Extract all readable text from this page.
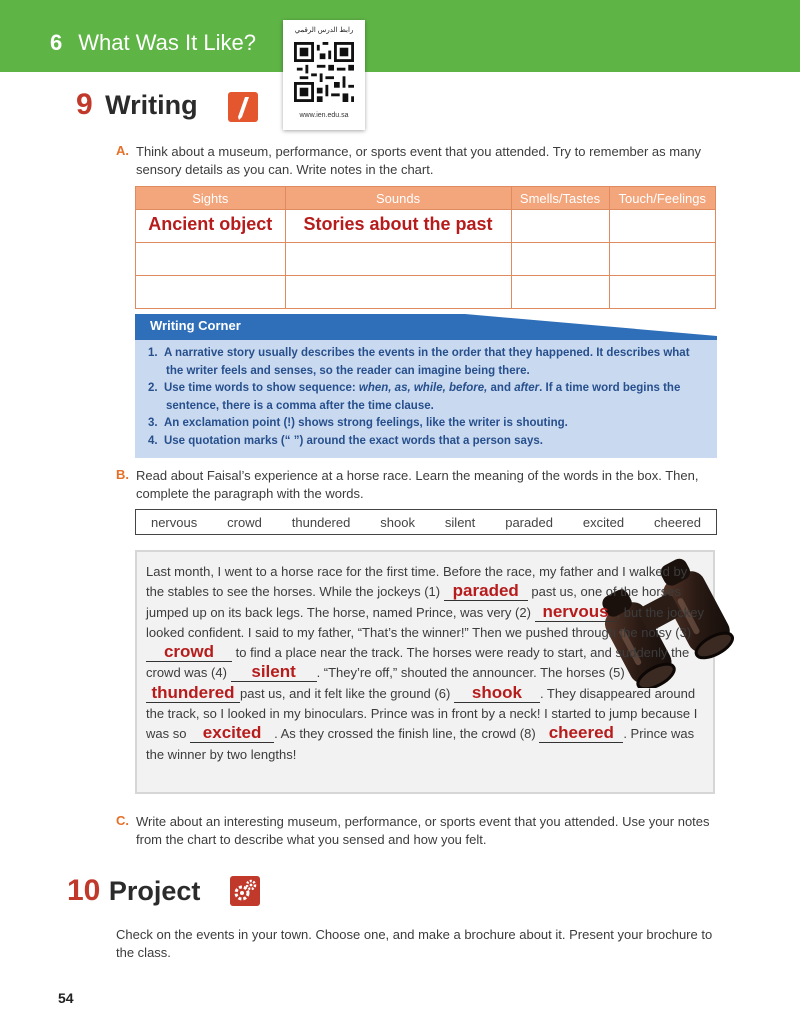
6 What Was It Like?	رابط الدرس الرقمي
www.ien.edu.sa
9 Writing
A. Think about a museum, performance, or sports event that you attended. Try to remember as many sensory details as you can. Write notes in the chart.
Sights	Sounds	Smells/Tastes	Touch/Feelings
Ancient object	Stories about the past		

Writing Corner
1. A narrative story usually describes the events in the order that they happened. It describes what the writer feels and senses, so the reader can imagine being there.
2. Use time words to show sequence: when, as, while, before, and after. If a time word begins the sentence, there is a comma after the time clause.
3. An exclamation point (!) shows strong feelings, like the writer is shouting.
4. Use quotation marks (“ ”) around the exact words that a person says.
B. Read about Faisal’s experience at a horse race. Learn the meaning of the words in the box. Then, complete the paragraph with the words.
nervous crowd thundered shook silent paraded excited cheered
Last month, I went to a horse race for the first time. Before the race, my father and I walked by the stables to see the horses. While the jockeys (1) paraded past us, one of the horses jumped up on its back legs. The horse, named Prince, was very (2) nervous , but the jockey looked confident. I said to my father, “That’s the winner!” Then we pushed through the noisy (3) crowd to find a place near the track. The horses were ready to start, and suddenly the crowd was (4) silent . “They’re off,” shouted the announcer. The horses (5)thundered past us, and it felt like the ground (6) shook . They disappeared around the track, so I looked in my binoculars. Prince was in front by a neck! I started to jump because I was so excited . As they crossed the finish line, the crowd (8) cheered . Prince was the winner by two lengths!
C. Write about an interesting museum, performance, or sports event that you attended. Use your notes from the chart to describe what you sensed and how you felt.
10 Project
Check on the events in your town. Choose one, and make a brochure about it. Present your brochure to the class.
54
